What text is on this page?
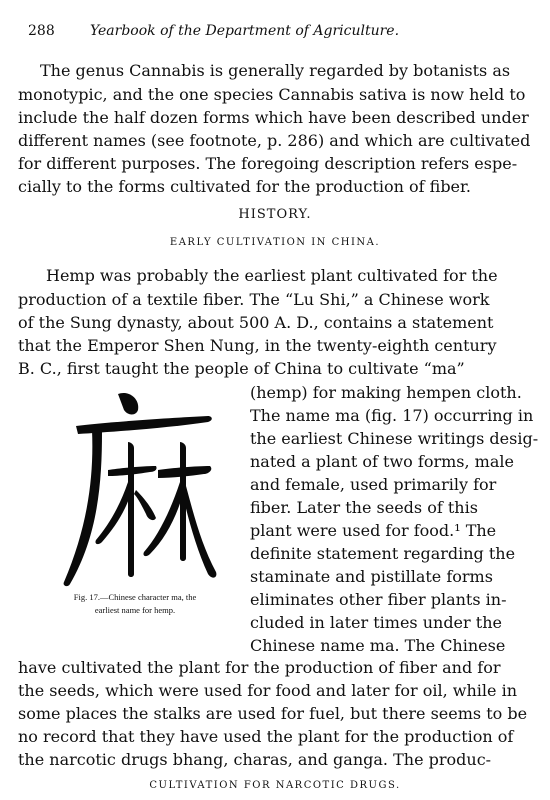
288	Yearbook of the Department of Agriculture.
The genus Cannabis is generally regarded by botanists as
monotypic, and the one species Cannabis sativa is now held to
include the half dozen forms which have been described under
different names (see footnote, p. 286) and which are cultivated
for different purposes. The foregoing description refers espe-
cially to the forms cultivated for the production of fiber.
HISTORY.
EARLY CULTIVATION IN CHINA.
Hemp was probably the earliest plant cultivated for the
production of a textile fiber. The “Lu Shi,” a Chinese work
of the Sung dynasty, about 500 A. D., contains a statement
that the Emperor Shen Nung, in the twenty-eighth century
B. C., first taught the people of China to cultivate “ma”
(hemp) for making hempen cloth.
The name ma (fig. 17) occurring in
the earliest Chinese writings desig-
nated a plant of two forms, male
and female, used primarily for
fiber. Later the seeds of this
plant were used for food.¹ The
definite statement regarding the
staminate and pistillate forms
eliminates other fiber plants in-
cluded in later times under the
Chinese name ma. The Chinese
have cultivated the plant for the production of fiber and for
the seeds, which were used for food and later for oil, while in
some places the stalks are used for fuel, but there seems to be
no record that they have used the plant for the production of
the narcotic drugs bhang, charas, and ganga. The produc-
Fig. 17.—Chinese character ma, the
earliest name for hemp.
CULTIVATION FOR NARCOTIC DRUGS.
